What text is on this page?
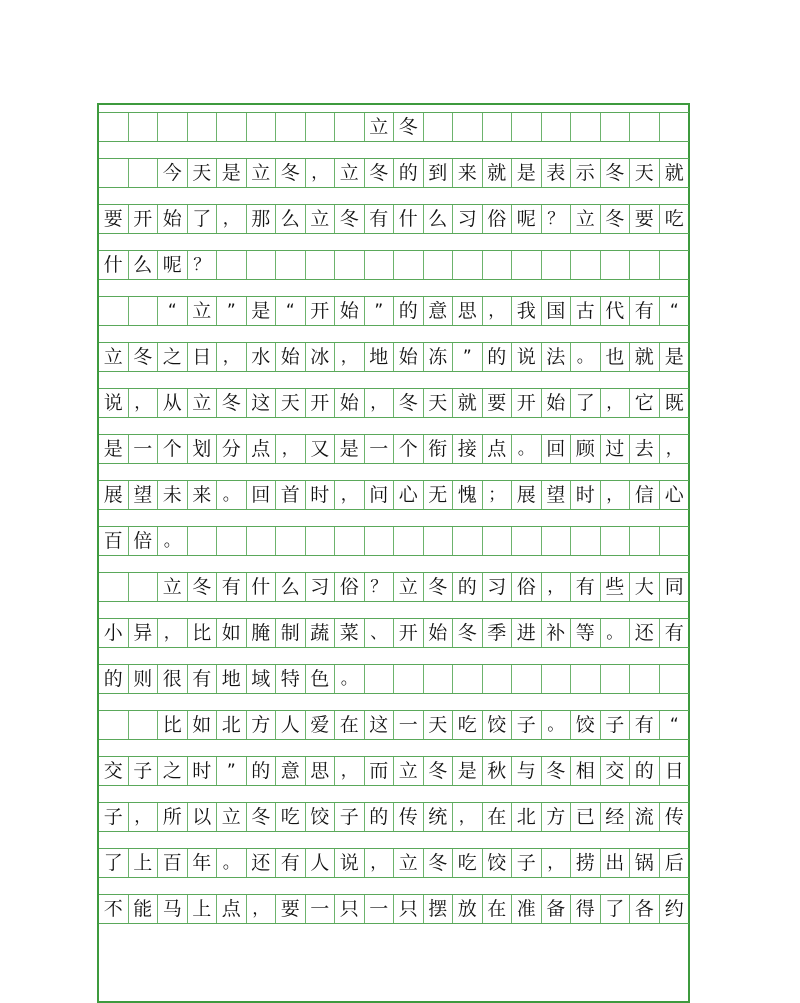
立 冬
今 天 是 立 冬 ， 立 冬 的 到 来 就 是 表 示 冬 天 就
要 开 始 了 ， 那 么 立 冬 有 什 么 习 俗 呢 ？ 立 冬 要 吃
什 么 呢 ？
“ 立 ” 是 “ 开 始 ” 的 意 思 ， 我 国 古 代 有 “
立 冬 之 日 ， 水 始 冰 ， 地 始 冻 ” 的 说 法 。 也 就 是
说 ， 从 立 冬 这 天 开 始 ， 冬 天 就 要 开 始 了 ， 它 既
是 一 个 划 分 点 ， 又 是 一 个 衔 接 点 。 回 顾 过 去 ，
展 望 未 来 。 回 首 时 ， 问 心 无 愧 ； 展 望 时 ， 信 心
百 倍 。
立 冬 有 什 么 习 俗 ？ 立 冬 的 习 俗 ， 有 些 大 同
小 异 ， 比 如 腌 制 蔬 菜 、 开 始 冬 季 进 补 等 。 还 有
的 则 很 有 地 域 特 色 。
比 如 北 方 人 爱 在 这 一 天 吃 饺 子 。 饺 子 有 “
交 子 之 时 ” 的 意 思 ， 而 立 冬 是 秋 与 冬 相 交 的 日
子 ， 所 以 立 冬 吃 饺 子 的 传 统 ， 在 北 方 已 经 流 传
了 上 百 年 。 还 有 人 说 ， 立 冬 吃 饺 子 ， 捞 出 锅 后
不 能 马 上 点 ， 要 一 只 一 只 摆 放 在 准 备 得 了 各 约
